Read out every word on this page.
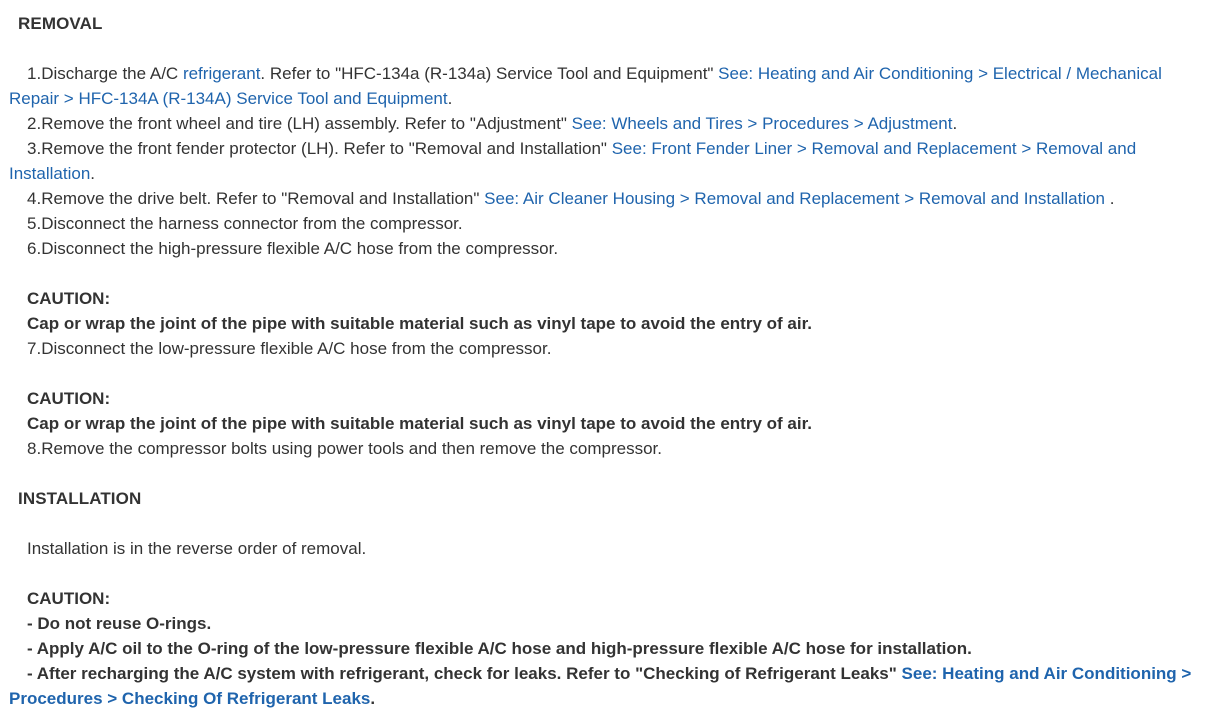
REMOVAL
1.Discharge the A/C refrigerant. Refer to "HFC-134a (R-134a) Service Tool and Equipment" See: Heating and Air Conditioning > Electrical / Mechanical
Repair > HFC-134A (R-134A) Service Tool and Equipment.
2.Remove the front wheel and tire (LH) assembly. Refer to "Adjustment" See: Wheels and Tires > Procedures > Adjustment.
3.Remove the front fender protector (LH). Refer to "Removal and Installation" See: Front Fender Liner > Removal and Replacement > Removal and
Installation.
4.Remove the drive belt. Refer to "Removal and Installation" See: Air Cleaner Housing > Removal and Replacement > Removal and Installation .
5.Disconnect the harness connector from the compressor.
6.Disconnect the high-pressure flexible A/C hose from the compressor.
CAUTION:
Cap or wrap the joint of the pipe with suitable material such as vinyl tape to avoid the entry of air.
7.Disconnect the low-pressure flexible A/C hose from the compressor.
CAUTION:
Cap or wrap the joint of the pipe with suitable material such as vinyl tape to avoid the entry of air.
8.Remove the compressor bolts using power tools and then remove the compressor.
INSTALLATION
Installation is in the reverse order of removal.
CAUTION:
- Do not reuse O-rings.
- Apply A/C oil to the O-ring of the low-pressure flexible A/C hose and high-pressure flexible A/C hose for installation.
- After recharging the A/C system with refrigerant, check for leaks. Refer to "Checking of Refrigerant Leaks" See: Heating and Air Conditioning >
Procedures > Checking Of Refrigerant Leaks.
